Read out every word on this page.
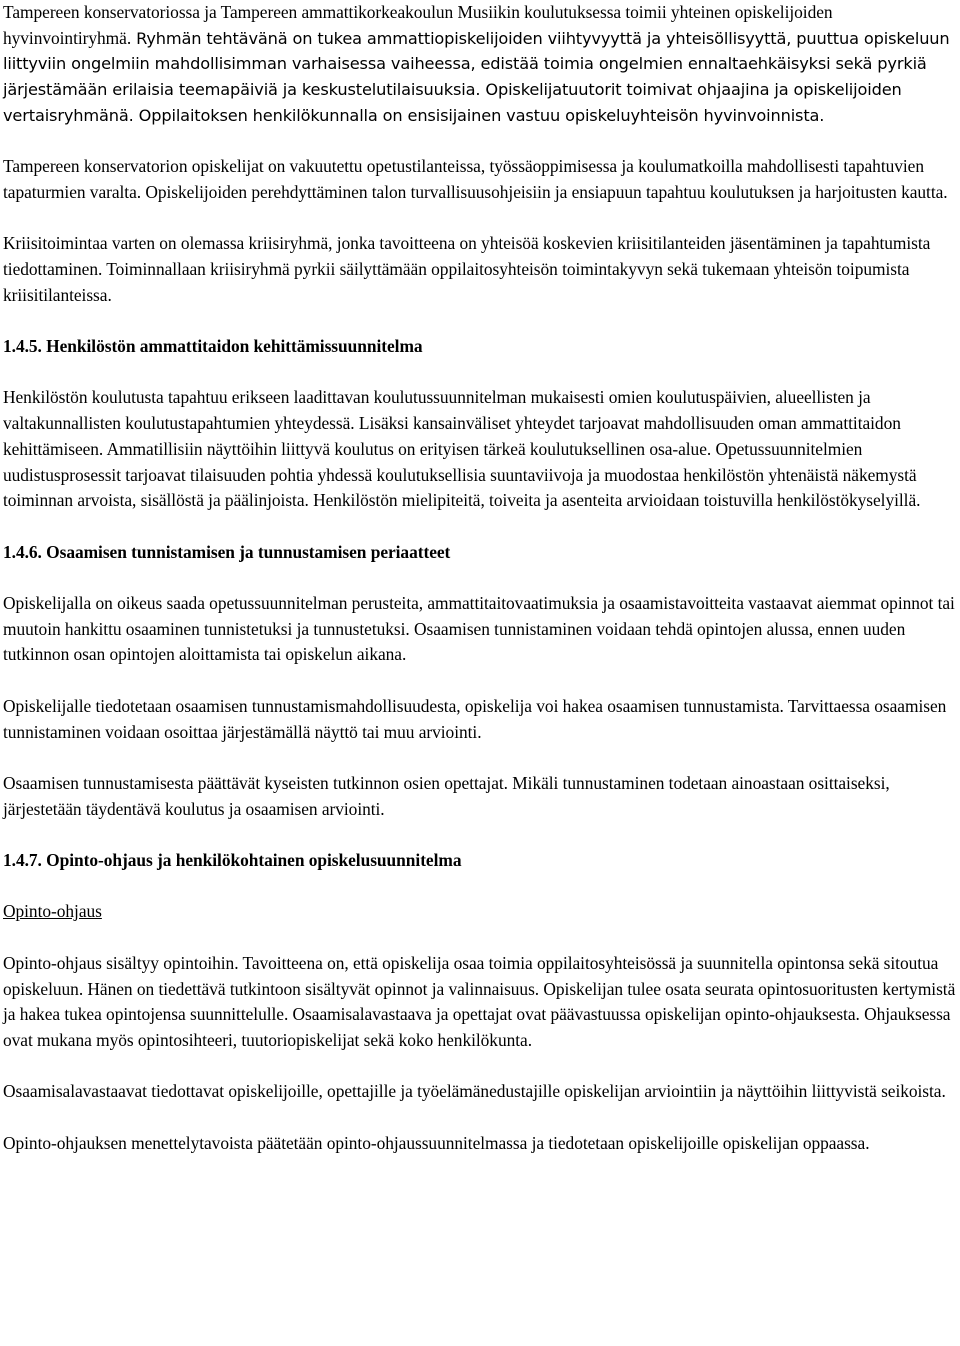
Tampereen konservatoriossa ja Tampereen ammattikorkeakoulun Musiikin koulutuksessa toimii yhteinen opiskelijoiden hyvinvointiryhmä. Ryhmän tehtävänä on tukea ammattiopiskelijoiden viihtyvyyttä ja yhteisöllisyyttä, puuttua opiskeluun liittyviin ongelmiin mahdollisimman varhaisessa vaiheessa, edistää toimia ongelmien ennaltaehkäisyksi sekä pyrkiä järjestämään erilaisia teemapäiviä ja keskustelutilaisuuksia. Opiskelijatuutorit toimivat ohjaajina ja opiskelijoiden vertaisryhmänä. Oppilaitoksen henkilökunnalla on ensisijainen vastuu opiskeluyhteisön hyvinvoinnista.

Tampereen konservatorion opiskelijat on vakuutettu opetustilanteissa, työssäoppimisessa ja koulumatkoilla mahdollisesti tapahtuvien tapaturmien varalta. Opiskelijoiden perehdyttäminen talon turvallisuusohjeisiin ja ensiapuun tapahtuu koulutuksen ja harjoitusten kautta.

Kriisitoimintaa varten on olemassa kriisiryhmä, jonka tavoitteena on yhteisöä koskevien kriisitilanteiden jäsentäminen ja tapahtumista tiedottaminen. Toiminnallaan kriisiryhmä pyrkii säilyttämään oppilaitosyhteisön toimintakyvyn sekä tukemaan yhteisön toipumista kriisitilanteissa.

1.4.5. Henkilöstön ammattitaidon kehittämissuunnitelma

Henkilöstön koulutusta tapahtuu erikseen laadittavan koulutussuunnitelman mukaisesti omien koulutuspäivien, alueellisten ja valtakunnallisten koulutustapahtumien yhteydessä. Lisäksi kansainväliset yhteydet tarjoavat mahdollisuuden oman ammattitaidon kehittämiseen. Ammatillisiin näyttöihin liittyvä koulutus on erityisen tärkeä koulutuksellinen osa-alue. Opetussuunnitelmien uudistusprosessit tarjoavat tilaisuuden pohtia yhdessä koulutuksellisia suuntaviivoja ja muodostaa henkilöstön yhtenäistä näkemystä toiminnan arvoista, sisällöstä ja päälinjoista. Henkilöstön mielipiteitä, toiveita ja asenteita arvioidaan toistuvilla henkilöstökyselyillä.

1.4.6. Osaamisen tunnistamisen ja tunnustamisen periaatteet

Opiskelijalla on oikeus saada opetussuunnitelman perusteita, ammattitaitovaatimuksia ja osaamistavoitteita vastaavat aiemmat opinnot tai muutoin hankittu osaaminen tunnistetuksi ja tunnustetuksi. Osaamisen tunnistaminen voidaan tehdä opintojen alussa, ennen uuden tutkinnon osan opintojen aloittamista tai opiskelun aikana.

Opiskelijalle tiedotetaan osaamisen tunnustamismahdollisuudesta, opiskelija voi hakea osaamisen tunnustamista. Tarvittaessa osaamisen tunnistaminen voidaan osoittaa järjestämällä näyttö tai muu arviointi.

Osaamisen tunnustamisesta päättävät kyseisten tutkinnon osien opettajat. Mikäli tunnustaminen todetaan ainoastaan osittaiseksi, järjestetään täydentävä koulutus ja osaamisen arviointi.

1.4.7. Opinto-ohjaus ja henkilökohtainen opiskelusuunnitelma

Opinto-ohjaus

Opinto-ohjaus sisältyy opintoihin. Tavoitteena on, että opiskelija osaa toimia oppilaitosyhteisössä ja suunnitella opintonsa sekä sitoutua opiskeluun. Hänen on tiedettävä tutkintoon sisältyvät opinnot ja valinnaisuus. Opiskelijan tulee osata seurata opintosuoritusten kertymistä ja hakea tukea opintojensa suunnittelulle. Osaamisalavastaava ja opettajat ovat päävastuussa opiskelijan opinto-ohjauksesta. Ohjauksessa ovat mukana myös opintosihteeri, tuutoriopiskelijat sekä koko henkilökunta.

Osaamisalavastaavat tiedottavat opiskelijoille, opettajille ja työelämänedustajille opiskelijan arviointiin ja näyttöihin liittyvistä seikoista.

Opinto-ohjauksen menettelytavoista päätetään opinto-ohjaussuunnitelmassa ja tiedotetaan opiskelijoille opiskelijan oppaassa.
